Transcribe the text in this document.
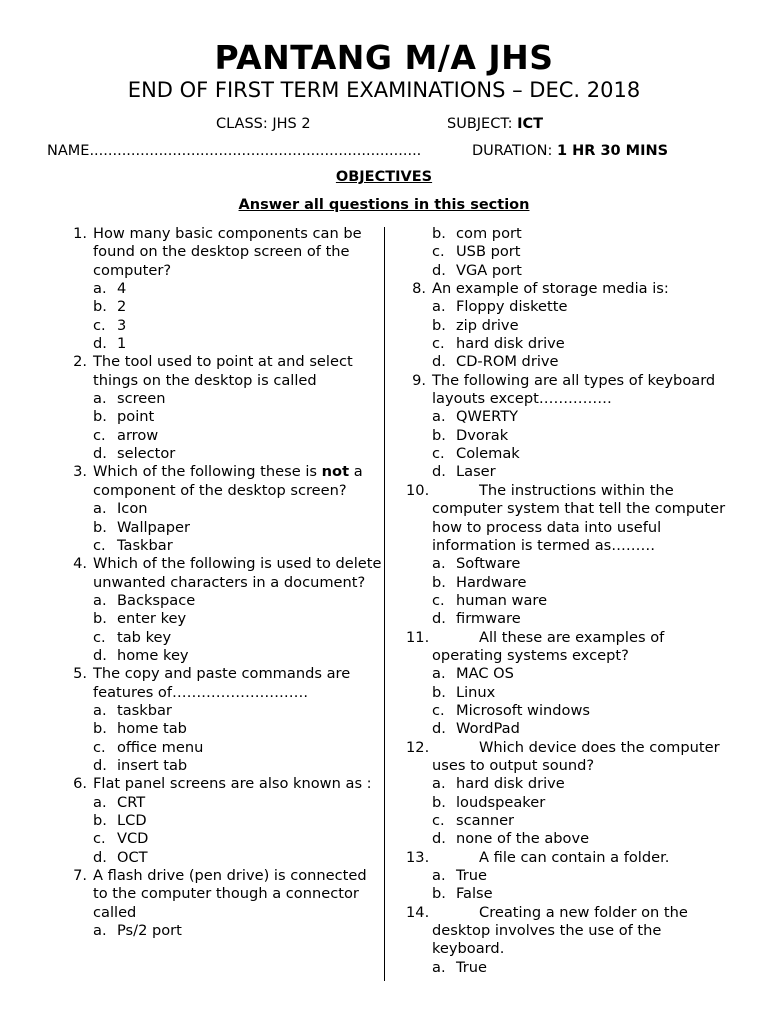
PANTANG M/A JHS
END OF FIRST TERM EXAMINATIONS – DEC. 2018
CLASS: JHS 2	SUBJECT: ICT
NAME........................................................................	DURATION: 1 HR 30 MINS
OBJECTIVES
Answer all questions in this section
1. How many basic components can be found on the desktop screen of the computer?
a. 4
b. 2
c. 3
d. 1
2. The tool used to point at and select things on the desktop is called
a. screen
b. point
c. arrow
d. selector
3. Which of the following these is not a component of the desktop screen?
a. Icon
b. Wallpaper
c. Taskbar
4. Which of the following is used to delete unwanted characters in a document?
a. Backspace
b. enter key
c. tab key
d. home key
5. The copy and paste commands are features of……………………….
a. taskbar
b. home tab
c. office menu
d. insert tab
6. Flat panel screens are also known as :
a. CRT
b. LCD
c. VCD
d. OCT
7. A flash drive (pen drive) is connected to the computer though a connector called
a. Ps/2 port
b. com port
c. USB port
d. VGA port
8. An example of storage media is:
a. Floppy diskette
b. zip drive
c. hard disk drive
d. CD-ROM drive
9. The following are all types of keyboard layouts except……………
a. QWERTY
b. Dvorak
c. Colemak
d. Laser
10.	The instructions within the computer system that tell the computer how to process data into useful information is termed as………
a. Software
b. Hardware
c. human ware
d. firmware
11.	All these are examples of operating systems except?
a. MAC OS
b. Linux
c. Microsoft windows
d. WordPad
12.	Which device does the computer uses to output sound?
a. hard disk drive
b. loudspeaker
c. scanner
d. none of the above
13.	A file can contain a folder.
a. True
b. False
14.	Creating a new folder on the desktop involves the use of the keyboard.
a. True
